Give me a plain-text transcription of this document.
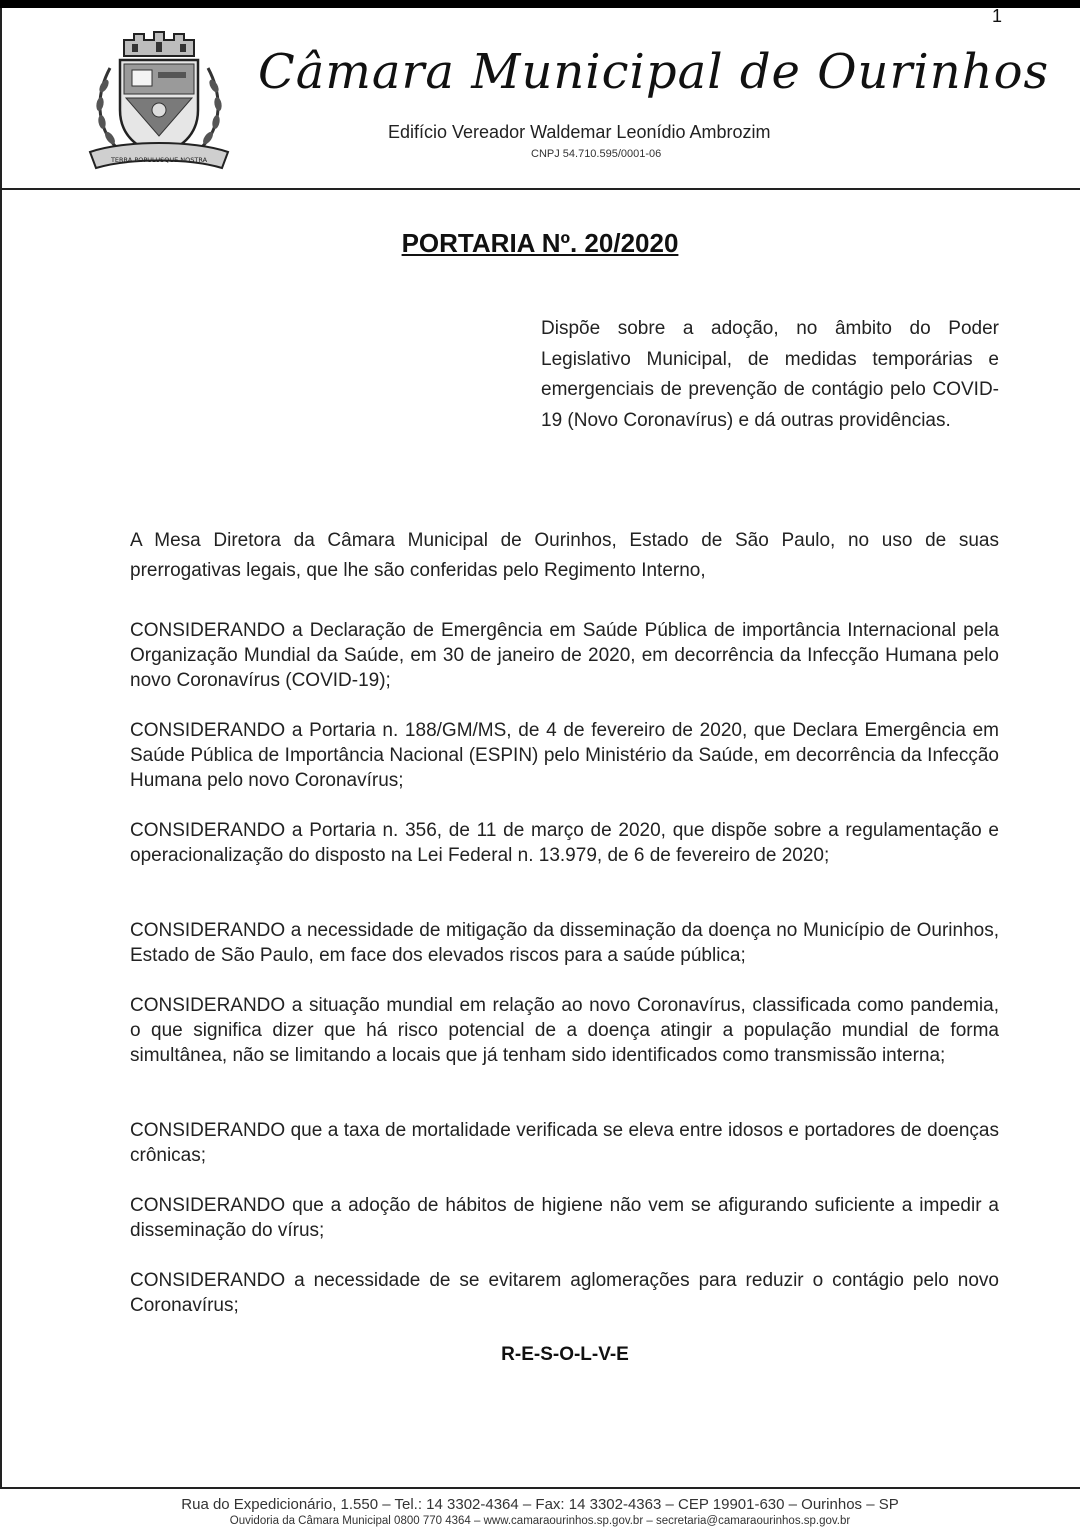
1
TERRA POPULUSQUE NOSTRA
Câmara Municipal de Ourinhos
Edifício Vereador Waldemar Leonídio Ambrozim
CNPJ 54.710.595/0001-06
PORTARIA Nº. 20/2020
Dispõe sobre a adoção, no âmbito do Poder Legislativo Municipal, de medidas temporárias e emergenciais de prevenção de contágio pelo COVID-19 (Novo Coronavírus) e dá outras providências.

A Mesa Diretora da Câmara Municipal de Ourinhos, Estado de São Paulo, no uso de suas prerrogativas legais, que lhe são conferidas pelo Regimento Interno,

CONSIDERANDO a Declaração de Emergência em Saúde Pública de importância Internacional pela Organização Mundial da Saúde, em 30 de janeiro de 2020, em decorrência da Infecção Humana pelo novo Coronavírus (COVID-19);

CONSIDERANDO a Portaria n. 188/GM/MS, de 4 de fevereiro de 2020, que Declara Emergência em Saúde Pública de Importância Nacional (ESPIN) pelo Ministério da Saúde, em decorrência da Infecção Humana pelo novo Coronavírus;

CONSIDERANDO a Portaria n. 356, de 11 de março de 2020, que dispõe sobre a regulamentação e operacionalização do disposto na Lei Federal n. 13.979, de 6 de fevereiro de 2020;

CONSIDERANDO a necessidade de mitigação da disseminação da doença no Município de Ourinhos, Estado de São Paulo, em face dos elevados riscos para a saúde pública;

CONSIDERANDO a situação mundial em relação ao novo Coronavírus, classificada como pandemia, o que significa dizer que há risco potencial de a doença atingir a população mundial de forma simultânea, não se limitando a locais que já tenham sido identificados como transmissão interna;

CONSIDERANDO que a taxa de mortalidade verificada se eleva entre idosos e portadores de doenças crônicas;

CONSIDERANDO que a adoção de hábitos de higiene não vem se afigurando suficiente a impedir a disseminação do vírus;

CONSIDERANDO a necessidade de se evitarem aglomerações para reduzir o contágio pelo novo Coronavírus;

R-E-S-O-L-V-E
Rua do Expedicionário, 1.550 – Tel.: 14 3302-4364 – Fax: 14 3302-4363 – CEP 19901-630 – Ourinhos – SP
Ouvidoria da Câmara Municipal 0800 770 4364 – www.camaraourinhos.sp.gov.br – secretaria@camaraourinhos.sp.gov.br
